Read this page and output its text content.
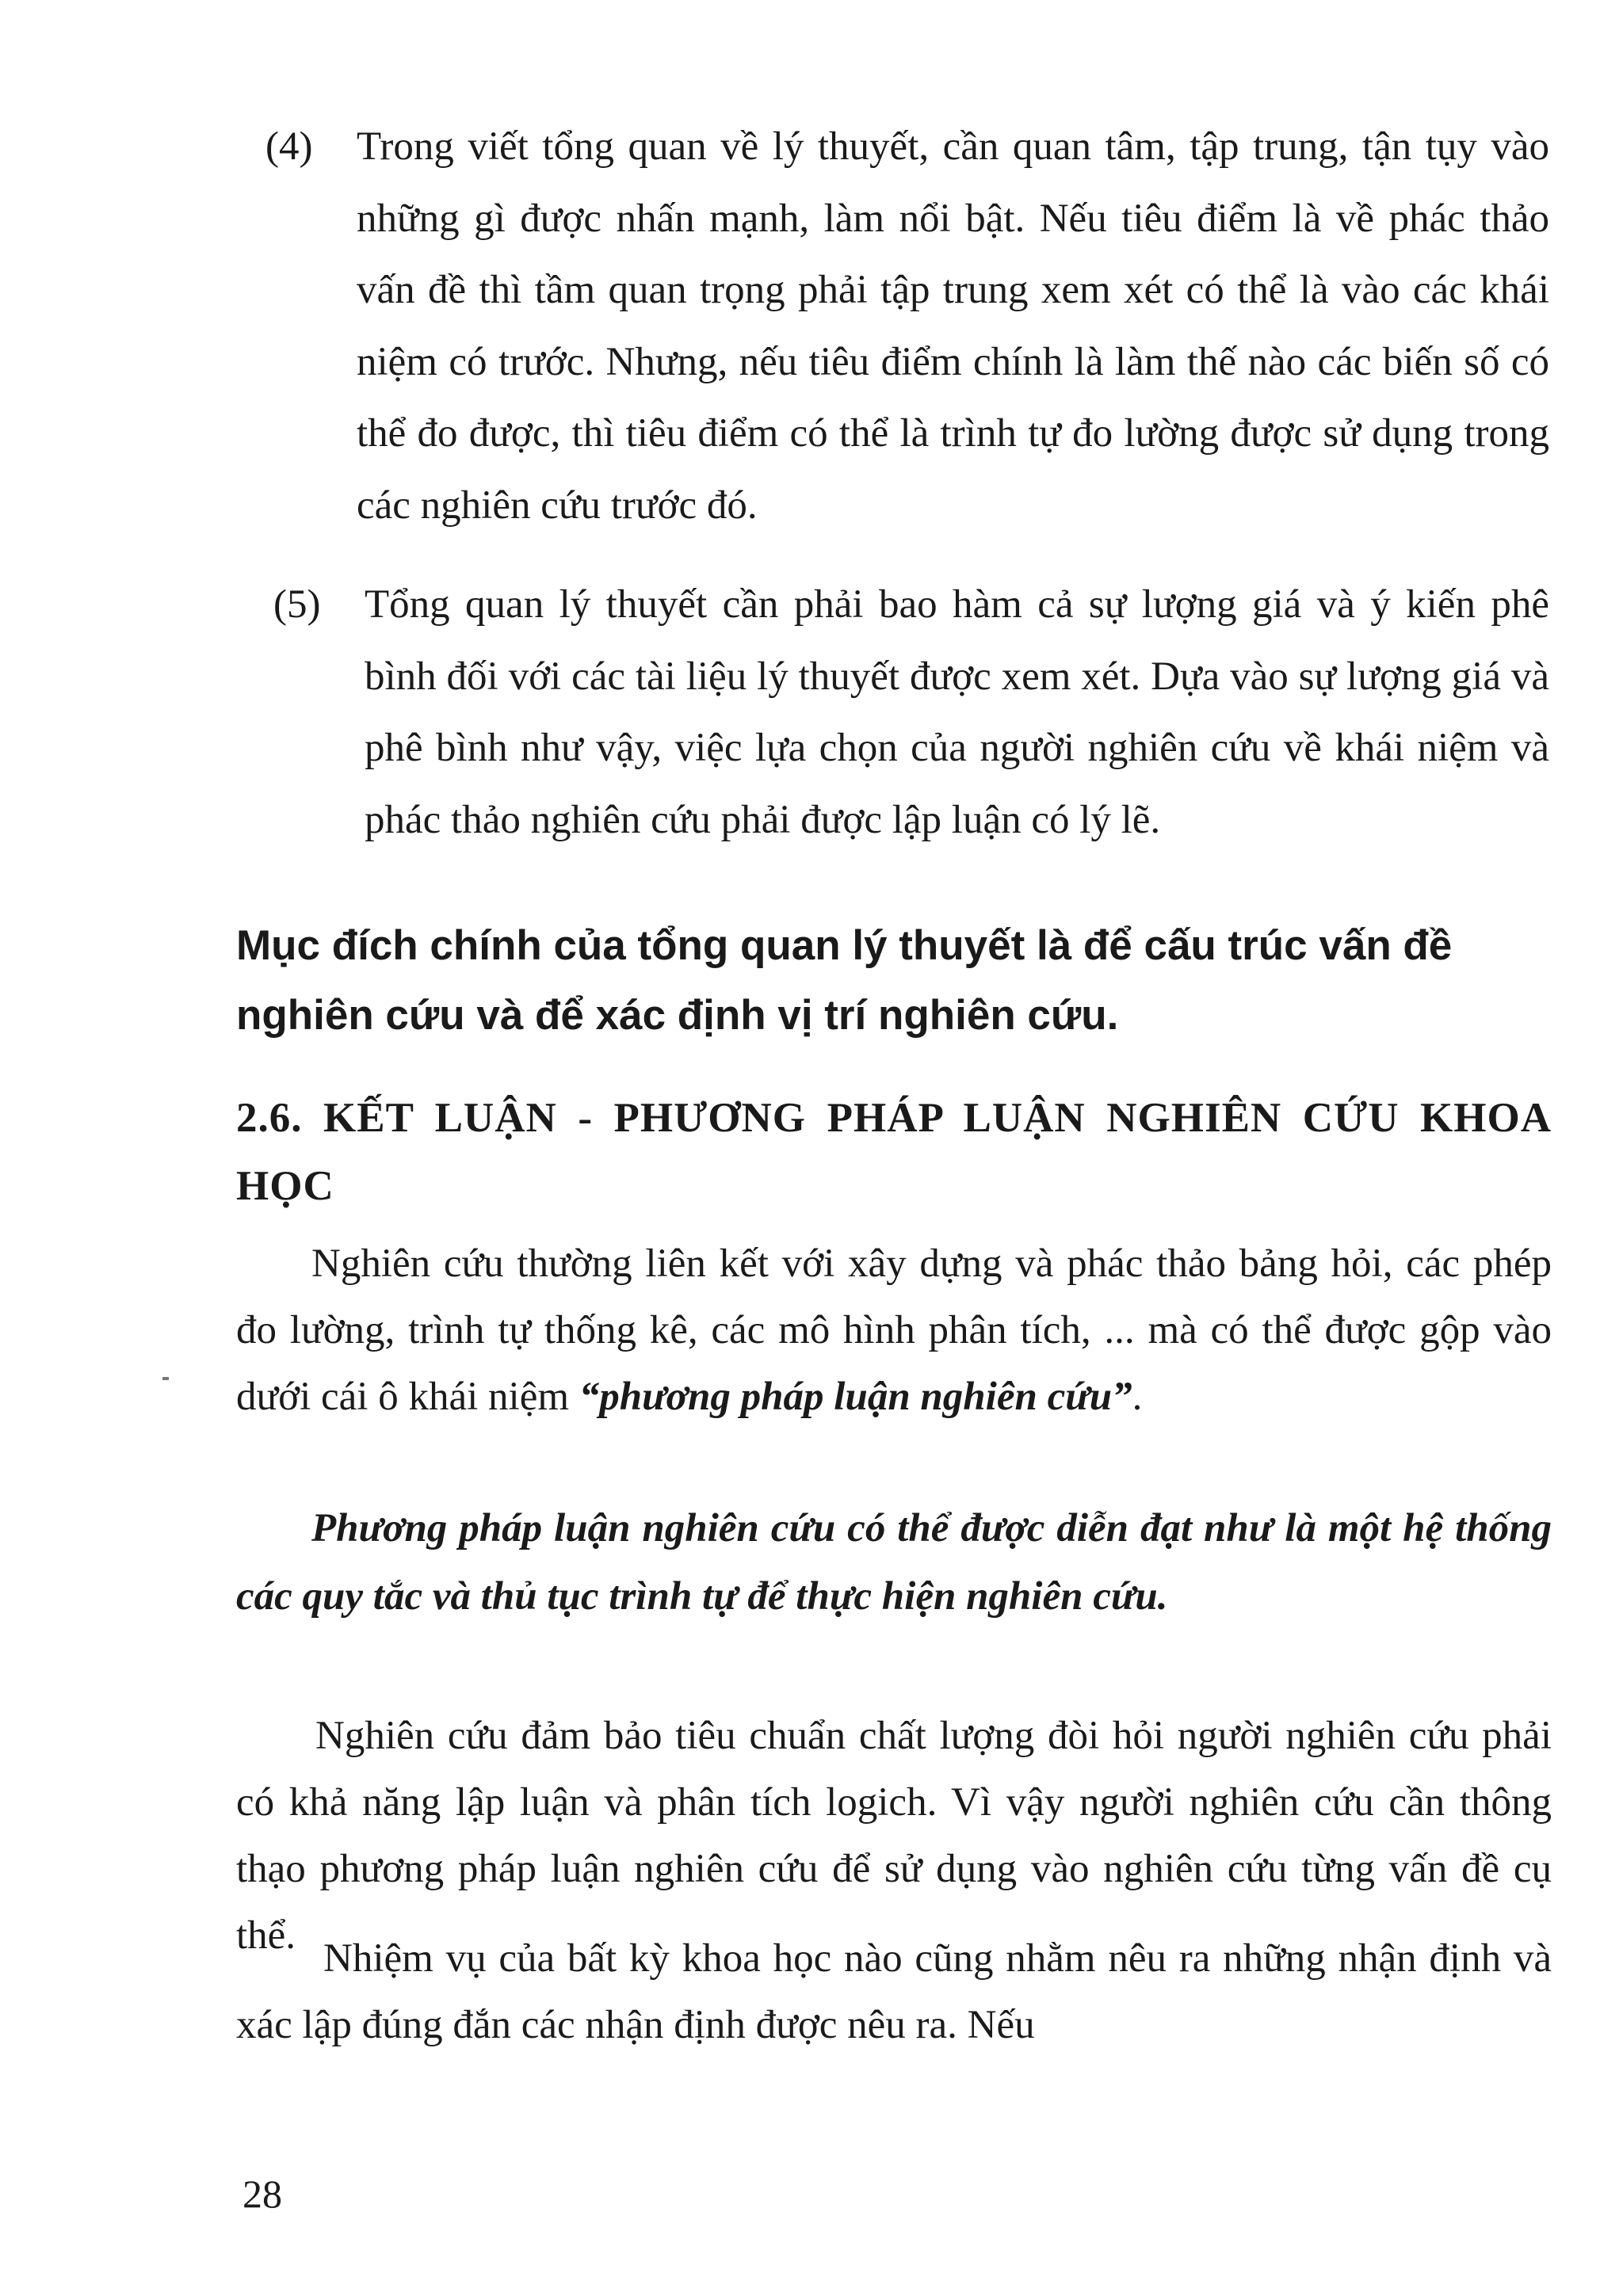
(4) Trong viết tổng quan về lý thuyết, cần quan tâm, tập trung, tận tụy vào những gì được nhấn mạnh, làm nổi bật. Nếu tiêu điểm là về phác thảo vấn đề thì tầm quan trọng phải tập trung xem xét có thể là vào các khái niệm có trước. Nhưng, nếu tiêu điểm chính là làm thế nào các biến số có thể đo được, thì tiêu điểm có thể là trình tự đo lường được sử dụng trong các nghiên cứu trước đó.
(5) Tổng quan lý thuyết cần phải bao hàm cả sự lượng giá và ý kiến phê bình đối với các tài liệu lý thuyết được xem xét. Dựa vào sự lượng giá và phê bình như vậy, việc lựa chọn của người nghiên cứu về khái niệm và phác thảo nghiên cứu phải được lập luận có lý lẽ.
Mục đích chính của tổng quan lý thuyết là để cấu trúc vấn đề nghiên cứu và để xác định vị trí nghiên cứu.
2.6. KẾT LUẬN - PHƯƠNG PHÁP LUẬN NGHIÊN CỨU KHOA HỌC
Nghiên cứu thường liên kết với xây dựng và phác thảo bảng hỏi, các phép đo lường, trình tự thống kê, các mô hình phân tích, ... mà có thể được gộp vào dưới cái ô khái niệm “phương pháp luận nghiên cứu”.
Phương pháp luận nghiên cứu có thể được diễn đạt như là một hệ thống các quy tắc và thủ tục trình tự để thực hiện nghiên cứu.
Nghiên cứu đảm bảo tiêu chuẩn chất lượng đòi hỏi người nghiên cứu phải có khả năng lập luận và phân tích logich. Vì vậy người nghiên cứu cần thông thạo phương pháp luận nghiên cứu để sử dụng vào nghiên cứu từng vấn đề cụ thể.
Nhiệm vụ của bất kỳ khoa học nào cũng nhằm nêu ra những nhận định và xác lập đúng đắn các nhận định được nêu ra. Nếu
28
